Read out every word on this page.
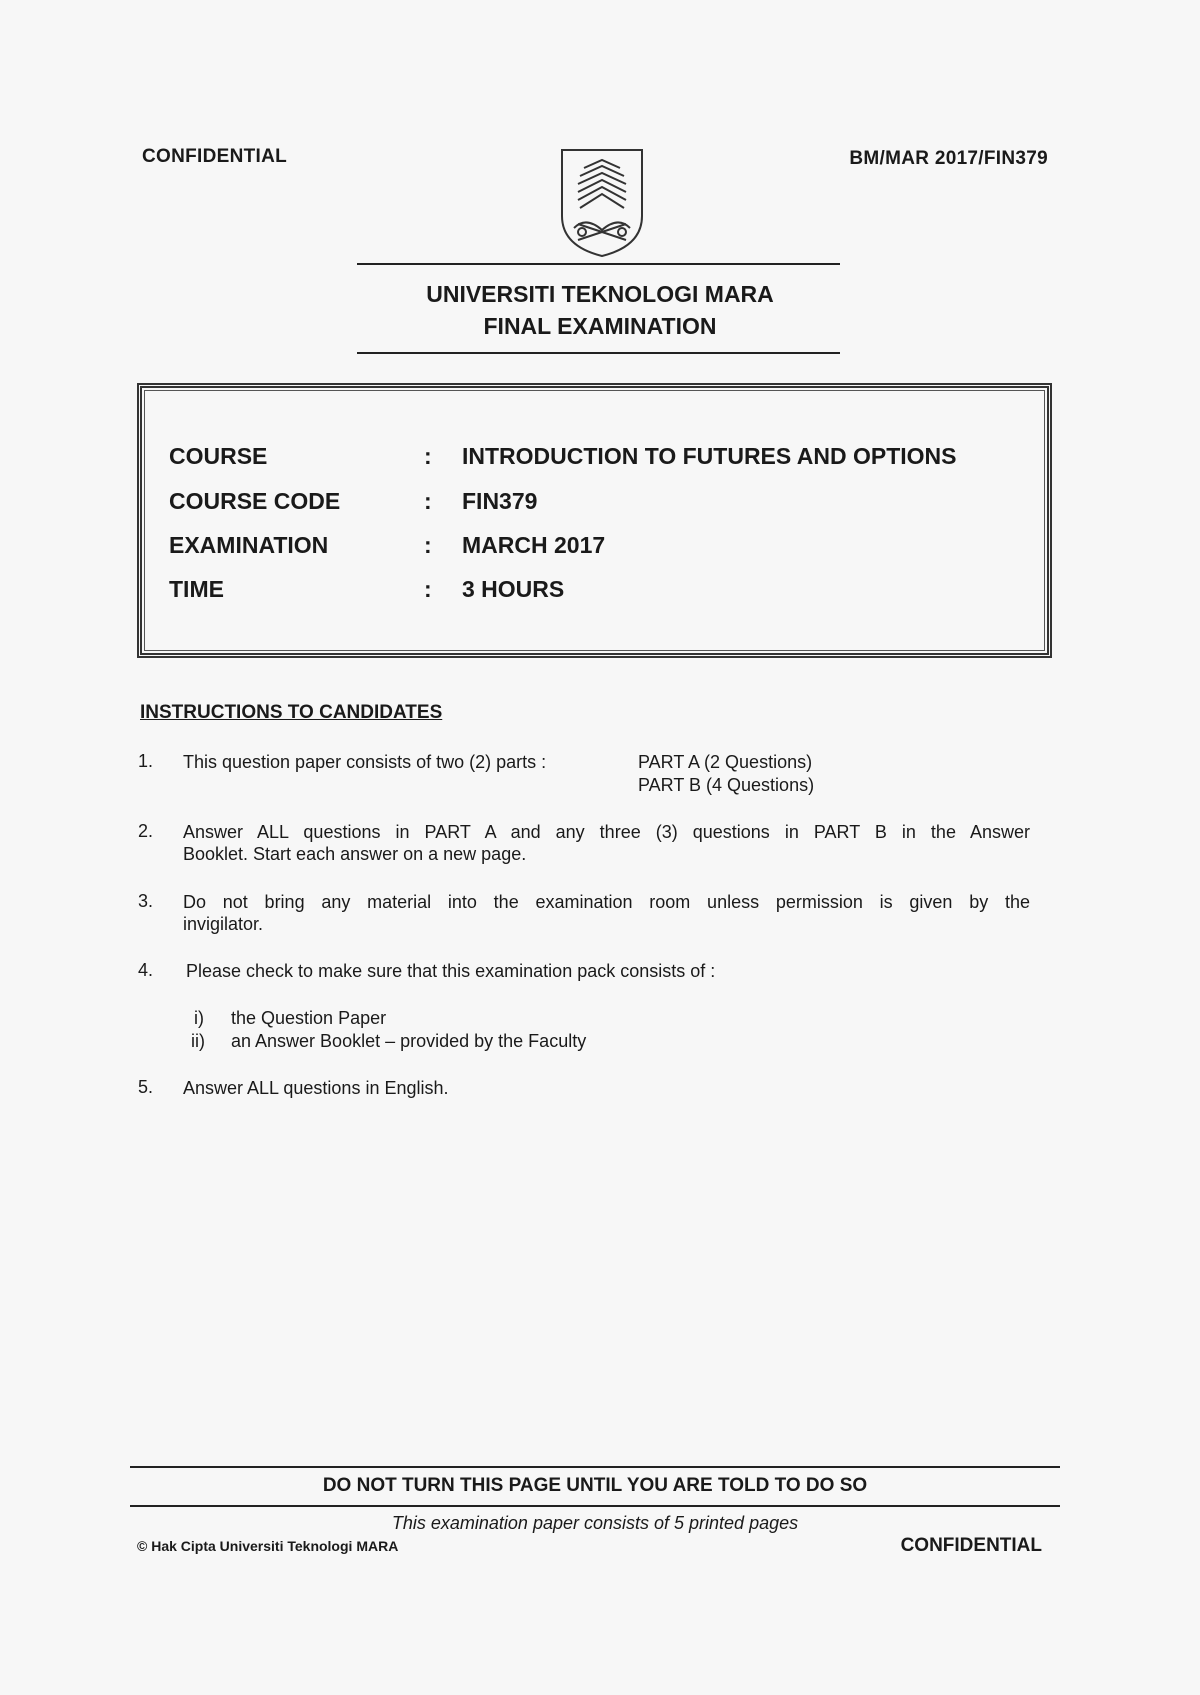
CONFIDENTIAL	BM/MAR 2017/FIN379
UNIVERSITI TEKNOLOGI MARA
FINAL EXAMINATION
COURSE	: INTRODUCTION TO FUTURES AND OPTIONS
COURSE CODE	: FIN379
EXAMINATION	: MARCH 2017
TIME	: 3 HOURS
INSTRUCTIONS TO CANDIDATES
1. This question paper consists of two (2) parts :	PART A (2 Questions)
PART B (4 Questions)
2. Answer ALL questions in PART A and any three (3) questions in PART B in the Answer
Booklet. Start each answer on a new page.
3. Do not bring any material into the examination room unless permission is given by the
invigilator.
4. Please check to make sure that this examination pack consists of :
i) the Question Paper
ii) an Answer Booklet – provided by the Faculty
5. Answer ALL questions in English.
DO NOT TURN THIS PAGE UNTIL YOU ARE TOLD TO DO SO
This examination paper consists of 5 printed pages
© Hak Cipta Universiti Teknologi MARA	CONFIDENTIAL
